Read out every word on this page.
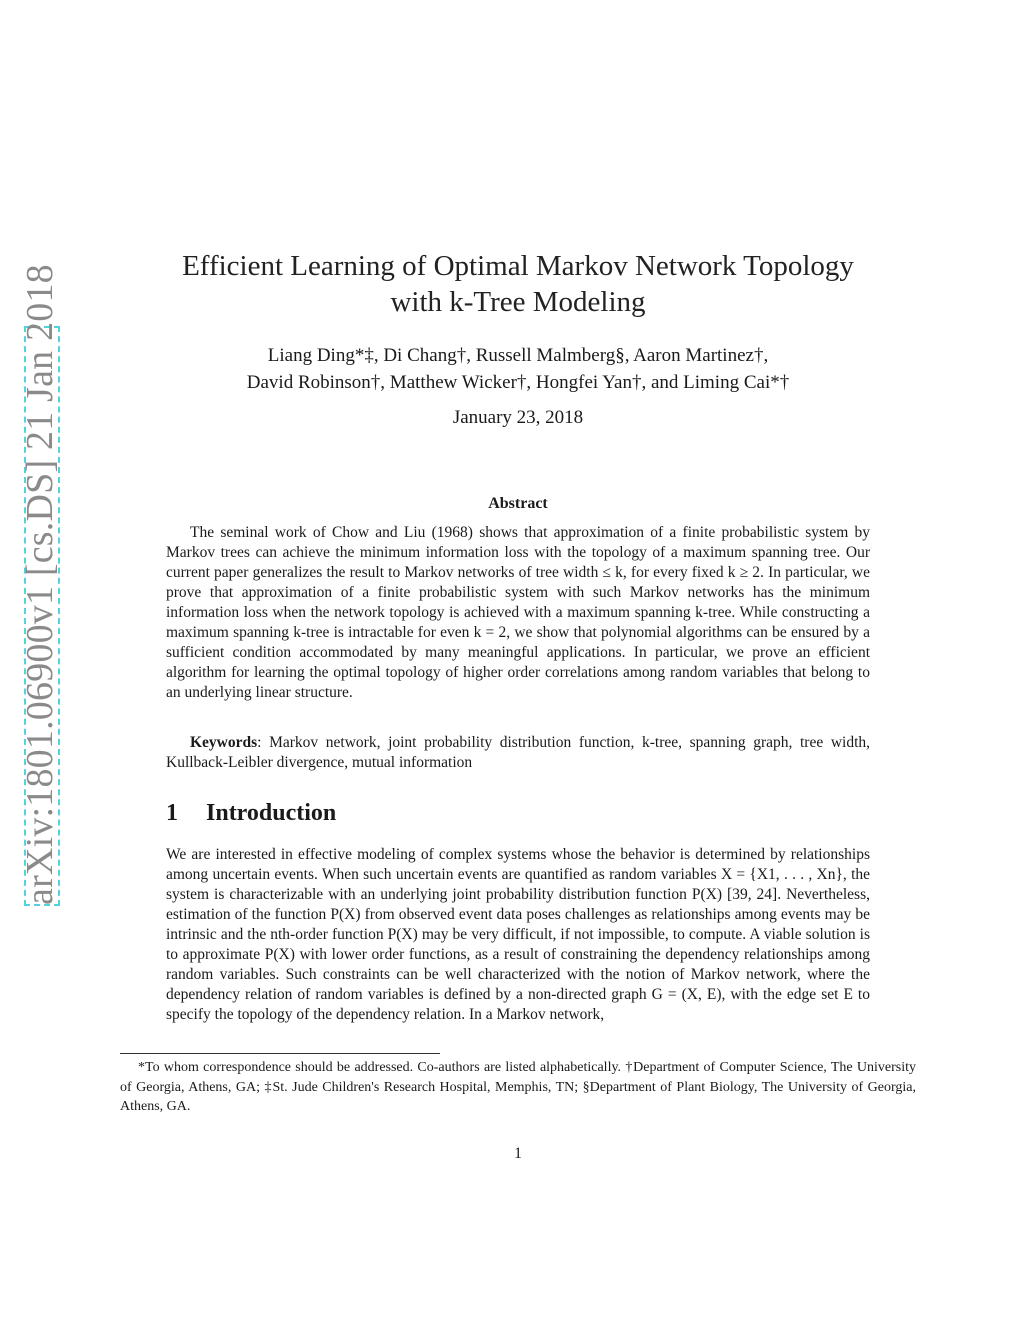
arXiv:1801.06900v1 [cs.DS] 21 Jan 2018	Efficient Learning of Optimal Markov Network Topology
with k-Tree Modeling
Liang Ding*‡, Di Chang†, Russell Malmberg§, Aaron Martinez†,
David Robinson†, Matthew Wicker†, Hongfei Yan†, and Liming Cai*†
January 23, 2018
Abstract
The seminal work of Chow and Liu (1968) shows that approximation of a finite probabilistic system by Markov trees can achieve the minimum information loss with the topology of a maximum spanning tree. Our current paper generalizes the result to Markov networks of tree width ≤ k, for every fixed k ≥ 2. In particular, we prove that approximation of a finite probabilistic system with such Markov networks has the minimum information loss when the network topology is achieved with a maximum spanning k-tree. While constructing a maximum spanning k-tree is intractable for even k = 2, we show that polynomial algorithms can be ensured by a sufficient condition accommodated by many meaningful applications. In particular, we prove an efficient algorithm for learning the optimal topology of higher order correlations among random variables that belong to an underlying linear structure.
Keywords: Markov network, joint probability distribution function, k-tree, spanning graph, tree width, Kullback-Leibler divergence, mutual information
1 Introduction
We are interested in effective modeling of complex systems whose the behavior is determined by relationships among uncertain events. When such uncertain events are quantified as random variables X = {X1, . . . , Xn}, the system is characterizable with an underlying joint probability distribution function P(X) [39, 24]. Nevertheless, estimation of the function P(X) from observed event data poses challenges as relationships among events may be intrinsic and the nth-order function P(X) may be very difficult, if not impossible, to compute. A viable solution is to approximate P(X) with lower order functions, as a result of constraining the dependency relationships among random variables. Such constraints can be well characterized with the notion of Markov network, where the dependency relation of random variables is defined by a non-directed graph G = (X, E), with the edge set E to specify the topology of the dependency relation. In a Markov network,
*To whom correspondence should be addressed. Co-authors are listed alphabetically. †Department of Computer Science, The University of Georgia, Athens, GA; ‡St. Jude Children's Research Hospital, Memphis, TN; §Department of Plant Biology, The University of Georgia, Athens, GA.
1
